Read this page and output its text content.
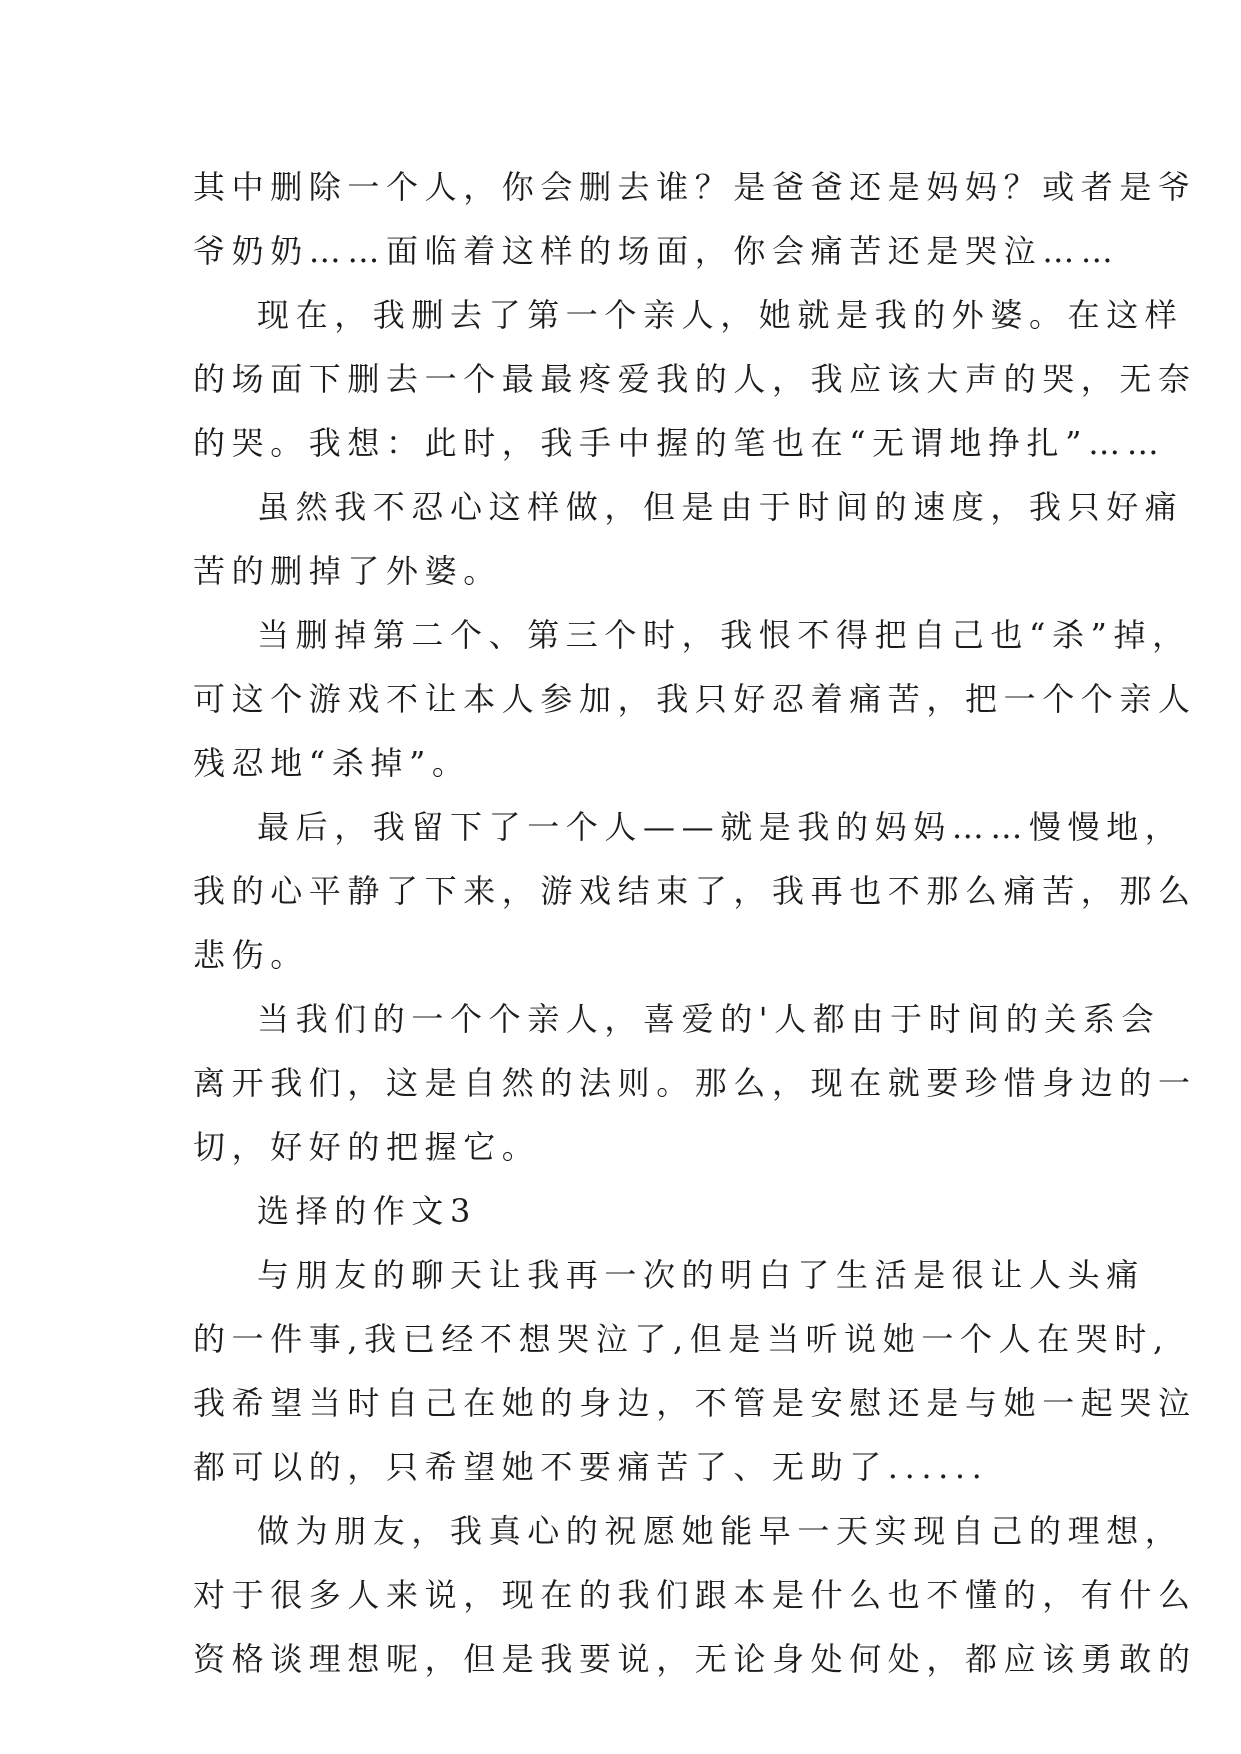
其中删除一个人，你会删去谁？是爸爸还是妈妈？或者是爷
爷奶奶……面临着这样的场面，你会痛苦还是哭泣……
现在，我删去了第一个亲人，她就是我的外婆。在这样
的场面下删去一个最最疼爱我的人，我应该大声的哭，无奈
的哭。我想：此时，我手中握的笔也在“无谓地挣扎”……
虽然我不忍心这样做，但是由于时间的速度，我只好痛
苦的删掉了外婆。
当删掉第二个、第三个时，我恨不得把自己也“杀”掉，
可这个游戏不让本人参加，我只好忍着痛苦，把一个个亲人
残忍地“杀掉”。
最后，我留下了一个人——就是我的妈妈……慢慢地，
我的心平静了下来，游戏结束了，我再也不那么痛苦，那么
悲伤。
当我们的一个个亲人，喜爱的'人都由于时间的关系会
离开我们，这是自然的法则。那么，现在就要珍惜身边的一
切，好好的把握它。
选择的作文3
与朋友的聊天让我再一次的明白了生活是很让人头痛
的一件事,我已经不想哭泣了,但是当听说她一个人在哭时,
我希望当时自己在她的身边，不管是安慰还是与她一起哭泣
都可以的，只希望她不要痛苦了、无助了......
做为朋友，我真心的祝愿她能早一天实现自己的理想，
对于很多人来说，现在的我们跟本是什么也不懂的，有什么
资格谈理想呢，但是我要说，无论身处何处，都应该勇敢的
